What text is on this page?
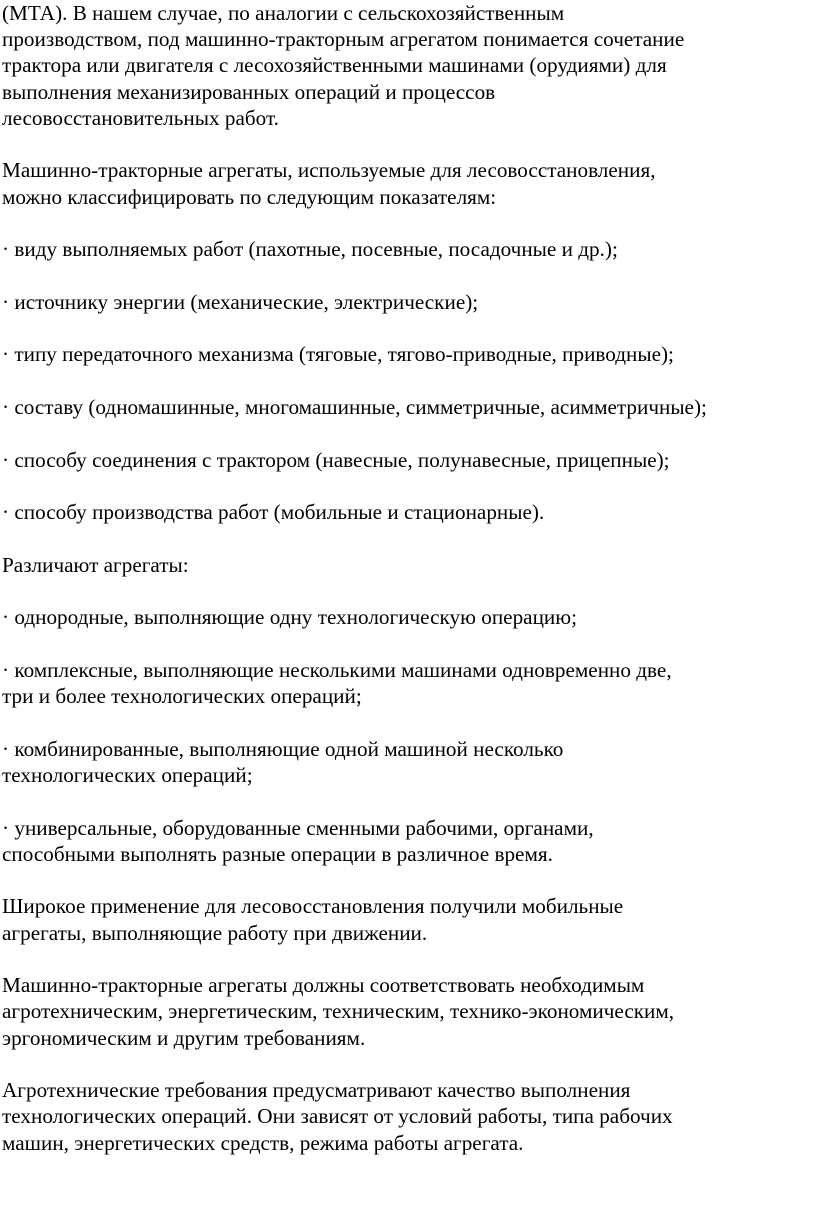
(МТА). В нашем случае, по аналогии с сельскохозяйственным
производством, под машинно-тракторным агрегатом понимается сочетание
трактора или двигателя с лесохозяйственными машинами (орудиями) для
выполнения механизированных операций и процессов
лесовосстановительных работ.

Машинно-тракторные агрегаты, используемые для лесовосстановления,
можно классифицировать по следующим показателям:

· виду выполняемых работ (пахотные, посевные, посадочные и др.);

· источнику энергии (механические, электрические);

· типу передаточного механизма (тяговые, тягово-приводные, приводные);

· составу (одномашинные, многомашинные, симметричные, асимметричные);

· способу соединения с трактором (навесные, полунавесные, прицепные);

· способу производства работ (мобильные и стационарные).

Различают агрегаты:

· однородные, выполняющие одну технологическую операцию;

· комплексные, выполняющие несколькими машинами одновременно две,
три и более технологических операций;

· комбинированные, выполняющие одной машиной несколько
технологических операций;

· универсальные, оборудованные сменными рабочими, органами,
способными выполнять разные операции в различное время.

Широкое применение для лесовосстановления получили мобильные
агрегаты, выполняющие работу при движении.

Машинно-тракторные агрегаты должны соответствовать необходимым
агротехническим, энергетическим, техническим, технико-экономическим,
эргономическим и другим требованиям.

Агротехнические требования предусматривают качество выполнения
технологических операций. Они зависят от условий работы, типа рабочих
машин, энергетических средств, режима работы агрегата.
